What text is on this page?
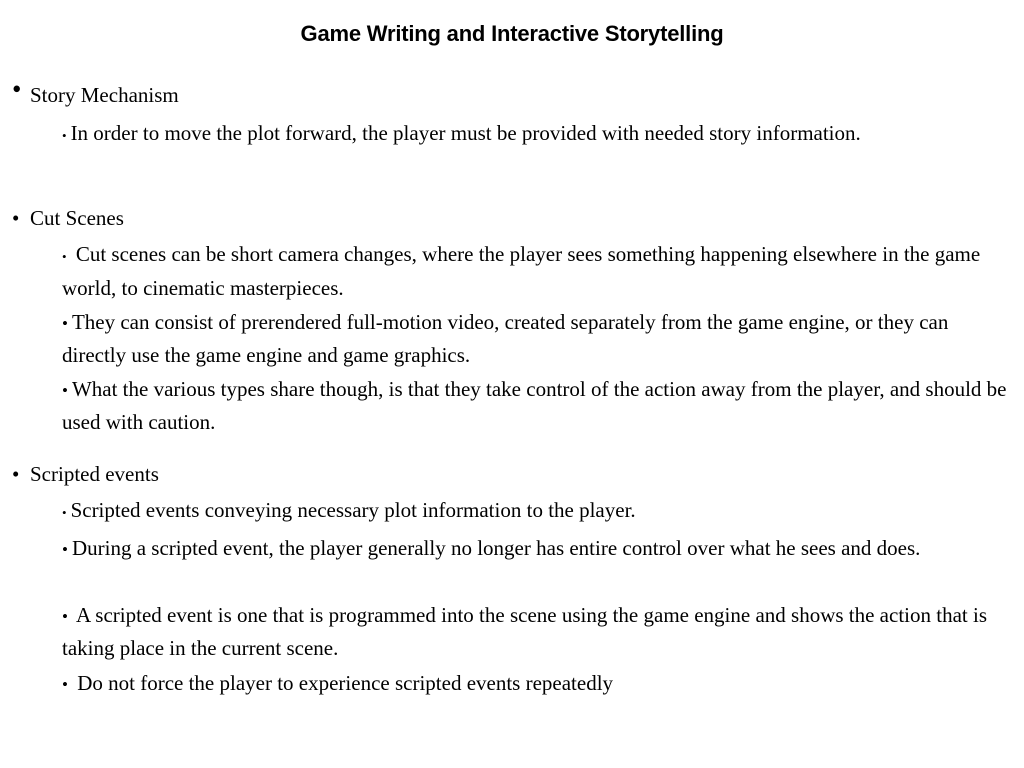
Game Writing and Interactive Storytelling
• Story Mechanism
• In order to move the plot forward, the player must be provided with needed story information.
• Cut Scenes
• Cut scenes can be short camera changes, where the player sees something happening elsewhere in the game world, to cinematic masterpieces.
• They can consist of prerendered full-motion video, created separately from the game engine, or they can directly use the game engine and game graphics.
• What the various types share though, is that they take control of the action away from the player, and should be used with caution.
• Scripted events
• Scripted events conveying necessary plot information to the player.
• During a scripted event, the player generally no longer has entire control over what he sees and does.
• A scripted event is one that is programmed into the scene using the game engine and shows the action that is taking place in the current scene.
• Do not force the player to experience scripted events repeatedly
